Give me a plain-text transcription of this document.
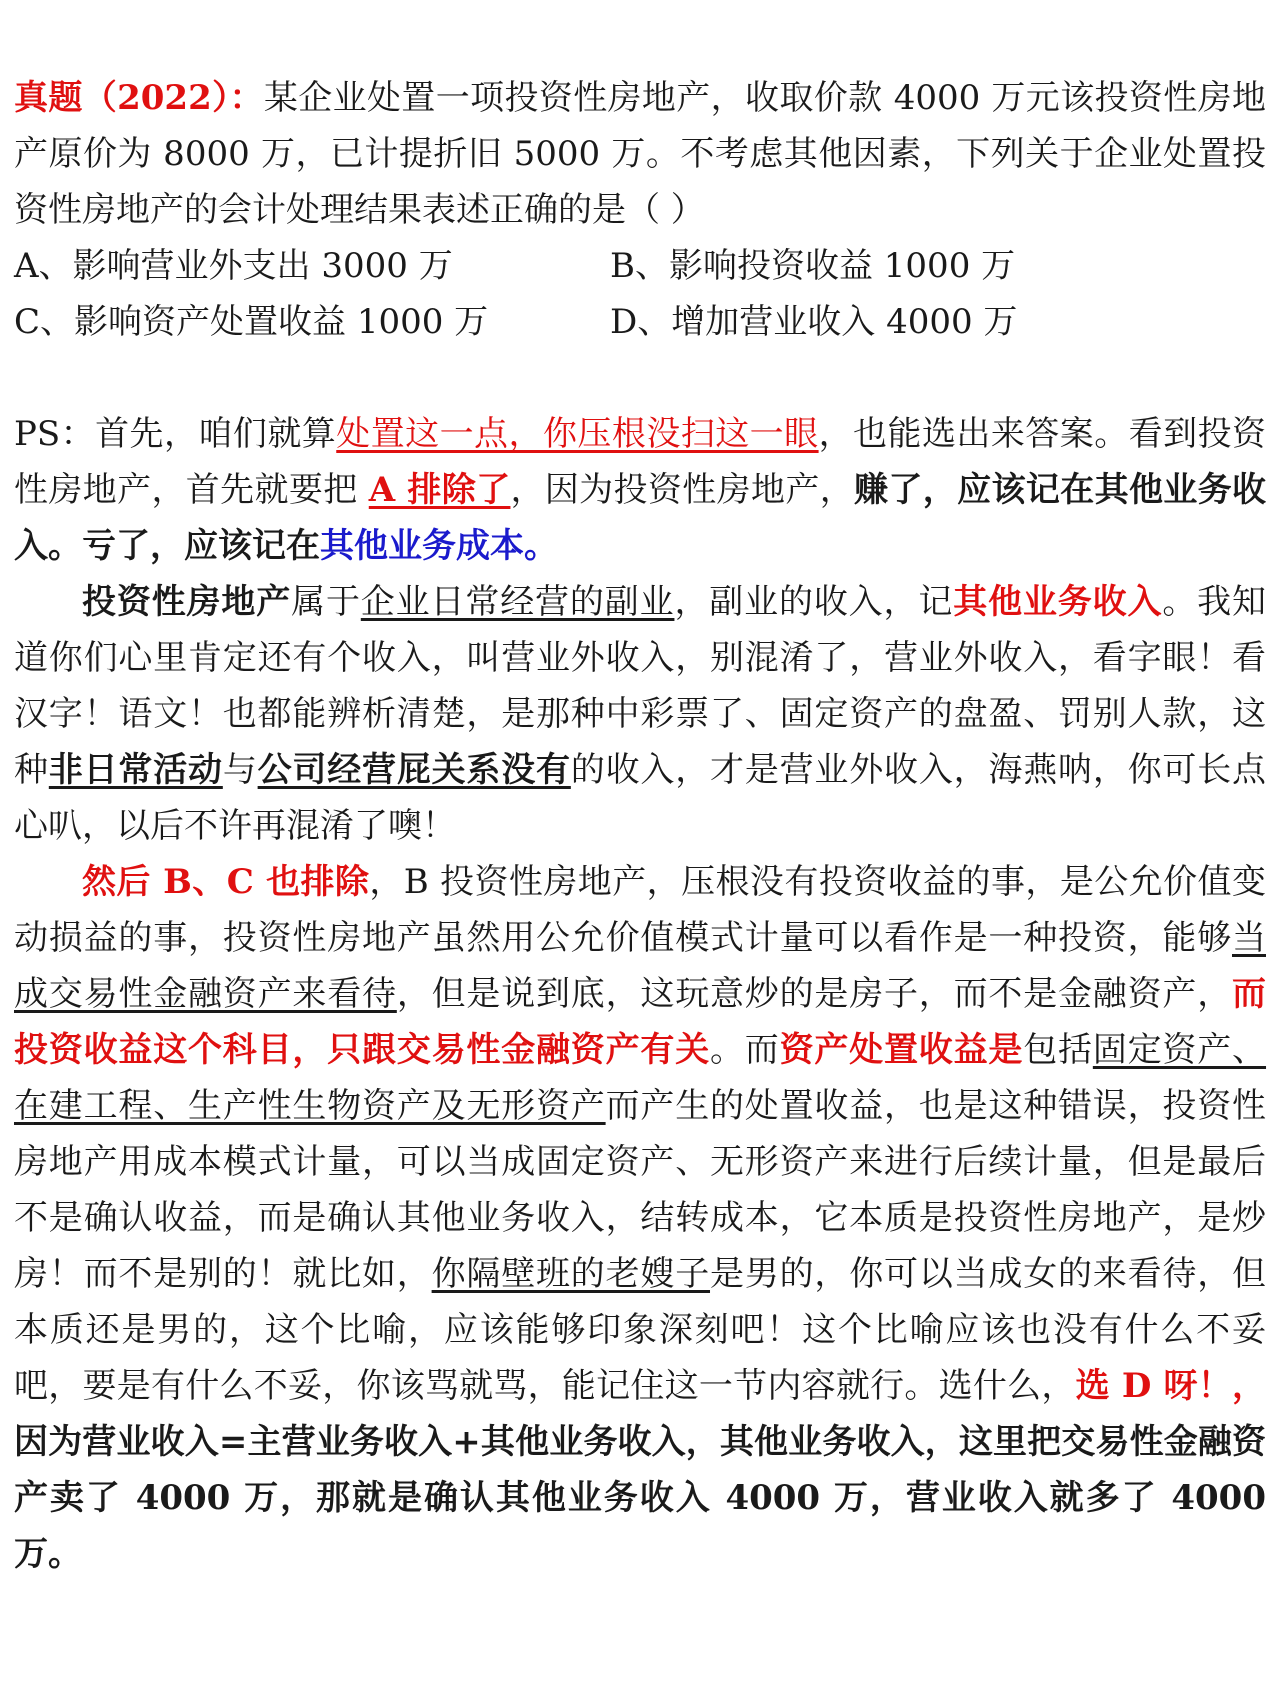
真题（2022）：某企业处置一项投资性房地产，收取价款 4000 万元该投资性房地产原价为 8000 万，已计提折旧 5000 万。不考虑其他因素，下列关于企业处置投资性房地产的会计处理结果表述正确的是（ ）

A、影响营业外支出 3000 万	B、影响投资收益 1000 万
C、影响资产处置收益 1000 万	D、增加营业收入 4000 万

PS：首先，咱们就算处置这一点，你压根没扫这一眼，也能选出来答案。看到投资性房地产，首先就要把 A 排除了，因为投资性房地产，赚了，应该记在其他业务收入。亏了，应该记在其他业务成本。

投资性房地产属于企业日常经营的副业，副业的收入，记其他业务收入。我知道你们心里肯定还有个收入，叫营业外收入，别混淆了，营业外收入，看字眼！看汉字！语文！也都能辨析清楚，是那种中彩票了、固定资产的盘盈、罚别人款，这种非日常活动与公司经营屁关系没有的收入，才是营业外收入，海燕呐，你可长点心叭，以后不许再混淆了噢！

然后 B、C 也排除，B 投资性房地产，压根没有投资收益的事，是公允价值变动损益的事，投资性房地产虽然用公允价值模式计量可以看作是一种投资，能够当成交易性金融资产来看待，但是说到底，这玩意炒的是房子，而不是金融资产，而投资收益这个科目，只跟交易性金融资产有关。而资产处置收益是包括固定资产、在建工程、生产性生物资产及无形资产而产生的处置收益，也是这种错误，投资性房地产用成本模式计量，可以当成固定资产、无形资产来进行后续计量，但是最后不是确认收益，而是确认其他业务收入，结转成本，它本质是投资性房地产，是炒房！而不是别的！就比如，你隔壁班的老嫂子是男的，你可以当成女的来看待，但本质还是男的，这个比喻，应该能够印象深刻吧！这个比喻应该也没有什么不妥吧，要是有什么不妥，你该骂就骂，能记住这一节内容就行。选什么，选 D 呀！，因为营业收入=主营业务收入+其他业务收入，其他业务收入，这里把交易性金融资产卖了 4000 万，那就是确认其他业务收入 4000 万，营业收入就多了 4000 万。
